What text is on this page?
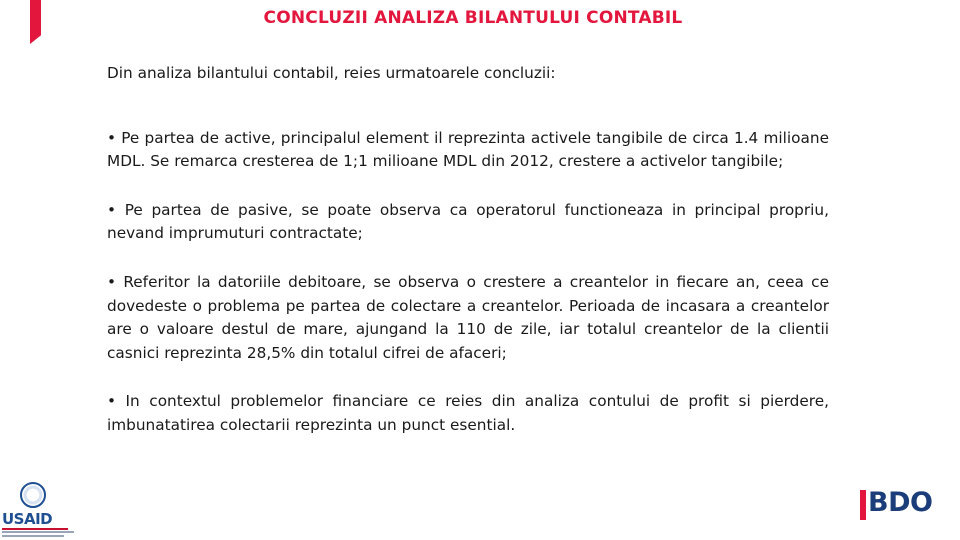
CONCLUZII ANALIZA BILANTULUI CONTABIL

Din analiza bilantului contabil, reies urmatoarele concluzii:

• Pe partea de active, principalul element il reprezinta activele tangibile de circa 1.4 milioane MDL. Se remarca cresterea de 1;1 milioane MDL din 2012, crestere a activelor tangibile;

• Pe partea de pasive, se poate observa ca operatorul functioneaza in principal propriu, nevand imprumuturi contractate;

• Referitor la datoriile debitoare, se observa o crestere a creantelor in fiecare an, ceea ce dovedeste o problema pe partea de colectare a creantelor. Perioada de incasara a creantelor are o valoare destul de mare, ajungand la 110 de zile, iar totalul creantelor de la clientii casnici reprezinta 28,5% din totalul cifrei de afaceri;

• In contextul problemelor financiare ce reies din analiza contului de profit si pierdere, imbunatatirea colectarii reprezinta un punct esential.

USAID
BDO
